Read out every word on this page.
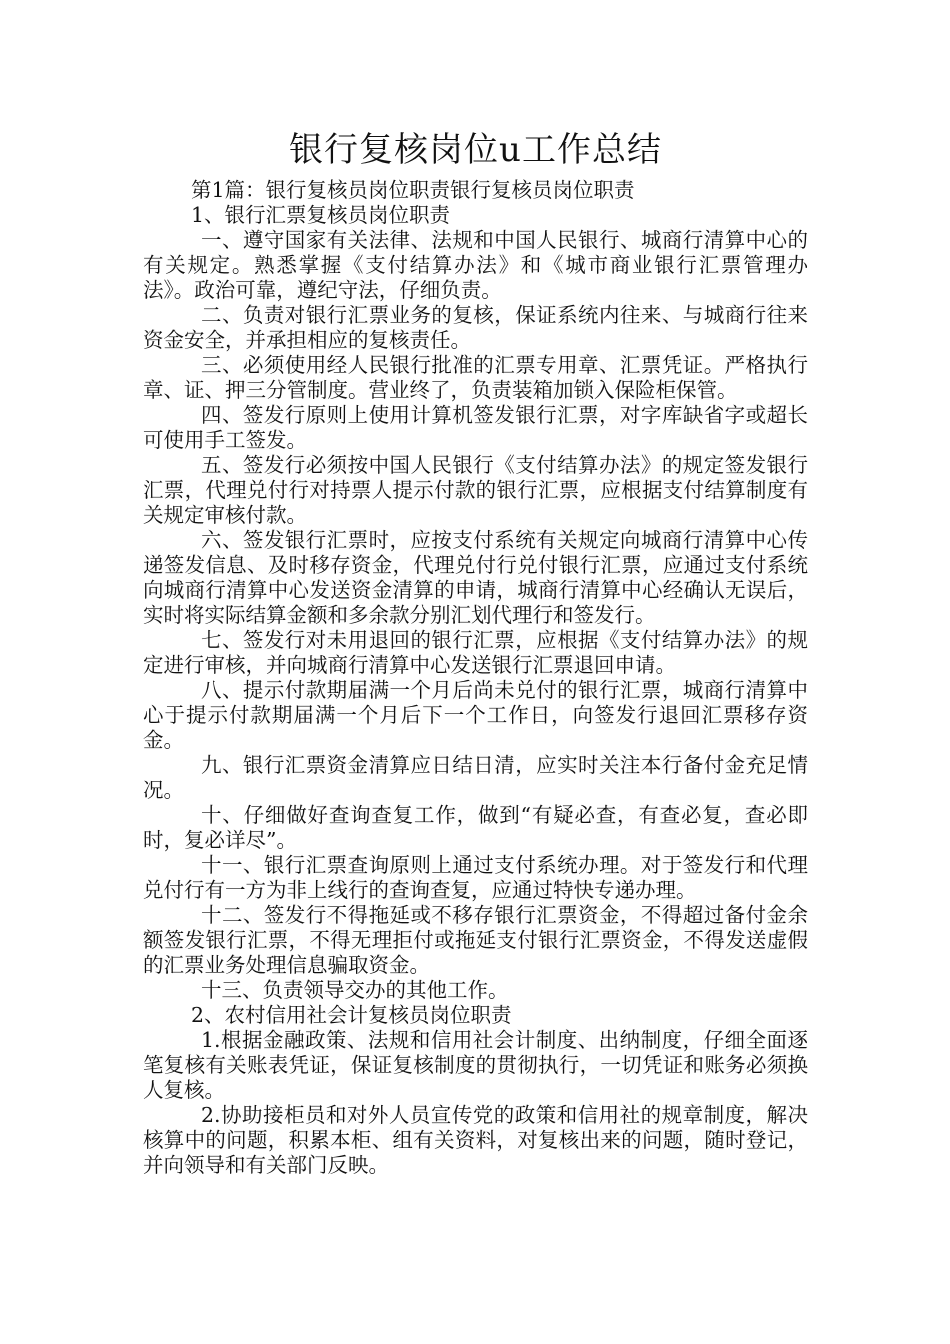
银行复核岗位u工作总结

第1篇：银行复核员岗位职责银行复核员岗位职责

1、银行汇票复核员岗位职责

一、遵守国家有关法律、法规和中国人民银行、城商行清算中心的有关规定。熟悉掌握《支付结算办法》和《城市商业银行汇票管理办法》。政治可靠，遵纪守法，仔细负责。

二、负责对银行汇票业务的复核，保证系统内往来、与城商行往来资金安全，并承担相应的复核责任。

三、必须使用经人民银行批准的汇票专用章、汇票凭证。严格执行章、证、押三分管制度。营业终了，负责装箱加锁入保险柜保管。

四、签发行原则上使用计算机签发银行汇票，对字库缺省字或超长可使用手工签发。

五、签发行必须按中国人民银行《支付结算办法》的规定签发银行汇票，代理兑付行对持票人提示付款的银行汇票，应根据支付结算制度有关规定审核付款。

六、签发银行汇票时，应按支付系统有关规定向城商行清算中心传递签发信息、及时移存资金，代理兑付行兑付银行汇票，应通过支付系统向城商行清算中心发送资金清算的申请，城商行清算中心经确认无误后，实时将实际结算金额和多余款分别汇划代理行和签发行。

七、签发行对未用退回的银行汇票，应根据《支付结算办法》的规定进行审核，并向城商行清算中心发送银行汇票退回申请。

八、提示付款期届满一个月后尚未兑付的银行汇票，城商行清算中心于提示付款期届满一个月后下一个工作日，向签发行退回汇票移存资金。

九、银行汇票资金清算应日结日清，应实时关注本行备付金充足情况。

十、仔细做好查询查复工作，做到“有疑必查，有查必复，查必即时，复必详尽”。

十一、银行汇票查询原则上通过支付系统办理。对于签发行和代理兑付行有一方为非上线行的查询查复，应通过特快专递办理。

十二、签发行不得拖延或不移存银行汇票资金，不得超过备付金余额签发银行汇票，不得无理拒付或拖延支付银行汇票资金，不得发送虚假的汇票业务处理信息骗取资金。

十三、负责领导交办的其他工作。

2、农村信用社会计复核员岗位职责

1.根据金融政策、法规和信用社会计制度、出纳制度，仔细全面逐笔复核有关账表凭证，保证复核制度的贯彻执行，一切凭证和账务必须换人复核。

2.协助接柜员和对外人员宣传党的政策和信用社的规章制度，解决核算中的问题，积累本柜、组有关资料，对复核出来的问题，随时登记，并向领导和有关部门反映。
